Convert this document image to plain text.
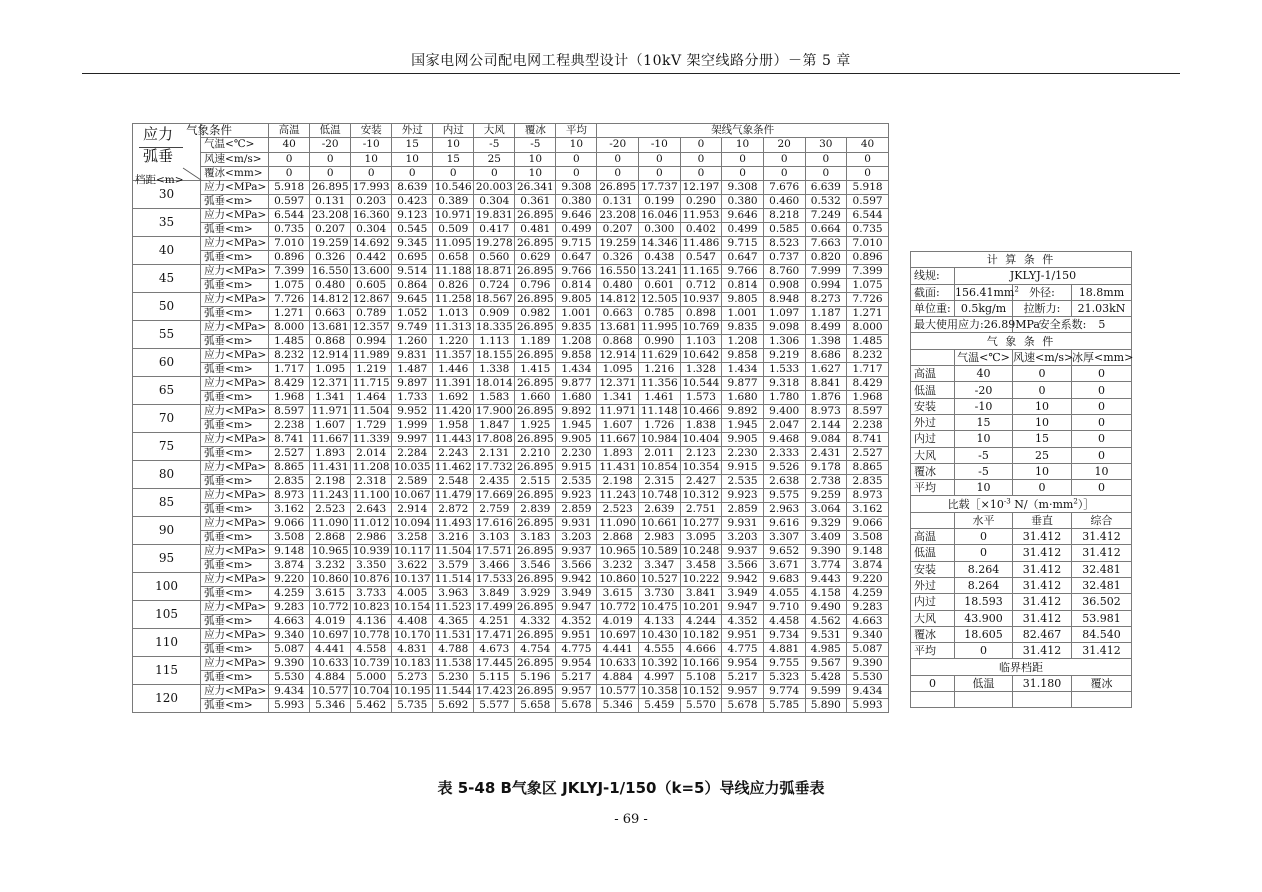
国家电网公司配电网工程典型设计（10kV 架空线路分册）－第 5 章
应力
弧垂
档距<m>
气象条件		高温	低温	安装	外过	内过	大风	覆冰	平均	架线气象条件						
	气温<℃>	40	-20	-10	15	10	-5	-5	10	-20	-10	0	10	20	30	40
	风速<m/s>	0	0	10	10	15	25	10	0	0	0	0	0	0	0	0
	覆冰<mm>	0	0	0	0	0	0	10	0	0	0	0	0	0	0	0
30	应力<MPa>	5.918	26.895	17.993	8.639	10.546	20.003	26.341	9.308	26.895	17.737	12.197	9.308	7.676	6.639	5.918
	弧垂<m>	0.597	0.131	0.203	0.423	0.389	0.304	0.361	0.380	0.131	0.199	0.290	0.380	0.460	0.532	0.597
35	应力<MPa>	6.544	23.208	16.360	9.123	10.971	19.831	26.895	9.646	23.208	16.046	11.953	9.646	8.218	7.249	6.544
	弧垂<m>	0.735	0.207	0.304	0.545	0.509	0.417	0.481	0.499	0.207	0.300	0.402	0.499	0.585	0.664	0.735
40	应力<MPa>	7.010	19.259	14.692	9.345	11.095	19.278	26.895	9.715	19.259	14.346	11.486	9.715	8.523	7.663	7.010
	弧垂<m>	0.896	0.326	0.442	0.695	0.658	0.560	0.629	0.647	0.326	0.438	0.547	0.647	0.737	0.820	0.896
45	应力<MPa>	7.399	16.550	13.600	9.514	11.188	18.871	26.895	9.766	16.550	13.241	11.165	9.766	8.760	7.999	7.399
	弧垂<m>	1.075	0.480	0.605	0.864	0.826	0.724	0.796	0.814	0.480	0.601	0.712	0.814	0.908	0.994	1.075
50	应力<MPa>	7.726	14.812	12.867	9.645	11.258	18.567	26.895	9.805	14.812	12.505	10.937	9.805	8.948	8.273	7.726
	弧垂<m>	1.271	0.663	0.789	1.052	1.013	0.909	0.982	1.001	0.663	0.785	0.898	1.001	1.097	1.187	1.271
55	应力<MPa>	8.000	13.681	12.357	9.749	11.313	18.335	26.895	9.835	13.681	11.995	10.769	9.835	9.098	8.499	8.000
	弧垂<m>	1.485	0.868	0.994	1.260	1.220	1.113	1.189	1.208	0.868	0.990	1.103	1.208	1.306	1.398	1.485
60	应力<MPa>	8.232	12.914	11.989	9.831	11.357	18.155	26.895	9.858	12.914	11.629	10.642	9.858	9.219	8.686	8.232
	弧垂<m>	1.717	1.095	1.219	1.487	1.446	1.338	1.415	1.434	1.095	1.216	1.328	1.434	1.533	1.627	1.717
65	应力<MPa>	8.429	12.371	11.715	9.897	11.391	18.014	26.895	9.877	12.371	11.356	10.544	9.877	9.318	8.841	8.429
	弧垂<m>	1.968	1.341	1.464	1.733	1.692	1.583	1.660	1.680	1.341	1.461	1.573	1.680	1.780	1.876	1.968
70	应力<MPa>	8.597	11.971	11.504	9.952	11.420	17.900	26.895	9.892	11.971	11.148	10.466	9.892	9.400	8.973	8.597
	弧垂<m>	2.238	1.607	1.729	1.999	1.958	1.847	1.925	1.945	1.607	1.726	1.838	1.945	2.047	2.144	2.238
75	应力<MPa>	8.741	11.667	11.339	9.997	11.443	17.808	26.895	9.905	11.667	10.984	10.404	9.905	9.468	9.084	8.741
	弧垂<m>	2.527	1.893	2.014	2.284	2.243	2.131	2.210	2.230	1.893	2.011	2.123	2.230	2.333	2.431	2.527
80	应力<MPa>	8.865	11.431	11.208	10.035	11.462	17.732	26.895	9.915	11.431	10.854	10.354	9.915	9.526	9.178	8.865
	弧垂<m>	2.835	2.198	2.318	2.589	2.548	2.435	2.515	2.535	2.198	2.315	2.427	2.535	2.638	2.738	2.835
85	应力<MPa>	8.973	11.243	11.100	10.067	11.479	17.669	26.895	9.923	11.243	10.748	10.312	9.923	9.575	9.259	8.973
	弧垂<m>	3.162	2.523	2.643	2.914	2.872	2.759	2.839	2.859	2.523	2.639	2.751	2.859	2.963	3.064	3.162
90	应力<MPa>	9.066	11.090	11.012	10.094	11.493	17.616	26.895	9.931	11.090	10.661	10.277	9.931	9.616	9.329	9.066
	弧垂<m>	3.508	2.868	2.986	3.258	3.216	3.103	3.183	3.203	2.868	2.983	3.095	3.203	3.307	3.409	3.508
95	应力<MPa>	9.148	10.965	10.939	10.117	11.504	17.571	26.895	9.937	10.965	10.589	10.248	9.937	9.652	9.390	9.148
	弧垂<m>	3.874	3.232	3.350	3.622	3.579	3.466	3.546	3.566	3.232	3.347	3.458	3.566	3.671	3.774	3.874
100	应力<MPa>	9.220	10.860	10.876	10.137	11.514	17.533	26.895	9.942	10.860	10.527	10.222	9.942	9.683	9.443	9.220
	弧垂<m>	4.259	3.615	3.733	4.005	3.963	3.849	3.929	3.949	3.615	3.730	3.841	3.949	4.055	4.158	4.259
105	应力<MPa>	9.283	10.772	10.823	10.154	11.523	17.499	26.895	9.947	10.772	10.475	10.201	9.947	9.710	9.490	9.283
	弧垂<m>	4.663	4.019	4.136	4.408	4.365	4.251	4.332	4.352	4.019	4.133	4.244	4.352	4.458	4.562	4.663
110	应力<MPa>	9.340	10.697	10.778	10.170	11.531	17.471	26.895	9.951	10.697	10.430	10.182	9.951	9.734	9.531	9.340
	弧垂<m>	5.087	4.441	4.558	4.831	4.788	4.673	4.754	4.775	4.441	4.555	4.666	4.775	4.881	4.985	5.087
115	应力<MPa>	9.390	10.633	10.739	10.183	11.538	17.445	26.895	9.954	10.633	10.392	10.166	9.954	9.755	9.567	9.390
	弧垂<m>	5.530	4.884	5.000	5.273	5.230	5.115	5.196	5.217	4.884	4.997	5.108	5.217	5.323	5.428	5.530
120	应力<MPa>	9.434	10.577	10.704	10.195	11.544	17.423	26.895	9.957	10.577	10.358	10.152	9.957	9.774	9.599	9.434
	弧垂<m>	5.993	5.346	5.462	5.735	5.692	5.577	5.658	5.678	5.346	5.459	5.570	5.678	5.785	5.890	5.993
计 算 条 件			
线规:	JKLYJ-1/150		
截面:	$156.41mm^2$	外径:	18.8mm
单位重:	0.5kg/m	拉断力:	21.03kN
最大使用应力:26.89MPa		安全系数: 5	
气 象 条 件			
	气温<℃>	风速<m/s>	冰厚<mm>
高温	40	0	0
低温	-20	0	0
安装	-10	10	0
外过	15	10	0
内过	10	15	0
大风	-5	25	0
覆冰	-5	10	10
平均	10	0	0
比载$[\times 10^{-3}$ $N/(m\cdot mm^2)]$			
	水平	垂直	综合
高温	0	31.412	31.412
低温	0	31.412	31.412
安装	8.264	31.412	32.481
外过	8.264	31.412	32.481
内过	18.593	31.412	36.502
大风	43.900	31.412	53.981
覆冰	18.605	82.467	84.540
平均	0	31.412	31.412
临界档距			
0	低温	31.180	覆冰

表 5-48 B气象区 JKLYJ-1/150（k=5）导线应力弧垂表
- 69 -
